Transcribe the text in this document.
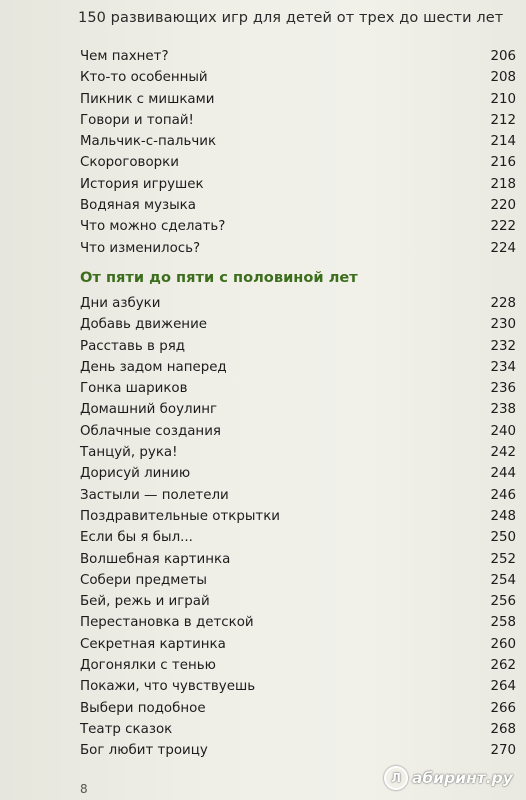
150 развивающих игр для детей от трех до шести лет
Чем пахнет?	206
Кто-то особенный	208
Пикник с мишками	210
Говори и топай!	212
Мальчик-с-пальчик	214
Скороговорки	216
История игрушек	218
Водяная музыка	220
Что можно сделать?	222
Что изменилось?	224
От пяти до пяти с половиной лет
Дни азбуки	228
Добавь движение	230
Расставь в ряд	232
День задом наперед	234
Гонка шариков	236
Домашний боулинг	238
Облачные создания	240
Танцуй, рука!	242
Дорисуй линию	244
Застыли — полетели	246
Поздравительные открытки	248
Если бы я был...	250
Волшебная картинка	252
Собери предметы	254
Бей, режь и играй	256
Перестановка в детской	258
Секретная картинка	260
Догонялки с тенью	262
Покажи, что чувствуешь	264
Выбери подобное	266
Театр сказок	268
Бог любит троицу	270
8
Л абиринт.ру
